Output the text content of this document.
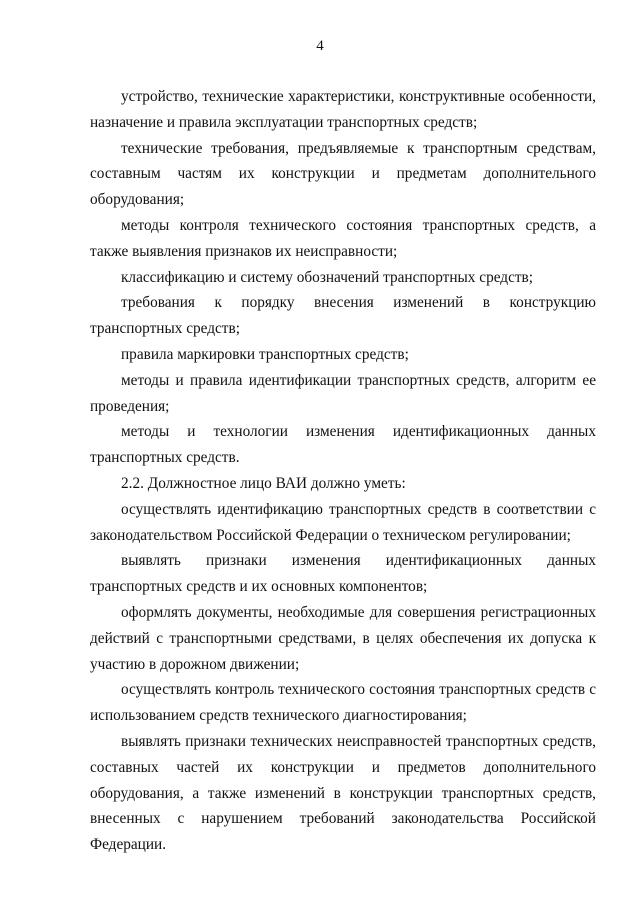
4

устройство, технические характеристики, конструктивные особенности, назначение и правила эксплуатации транспортных средств;

технические требования, предъявляемые к транспортным средствам, составным частям их конструкции и предметам дополнительного оборудования;

методы контроля технического состояния транспортных средств, а также выявления признаков их неисправности;

классификацию и систему обозначений транспортных средств;

требования к порядку внесения изменений в конструкцию транспортных средств;

правила маркировки транспортных средств;

методы и правила идентификации транспортных средств, алгоритм ее проведения;

методы и технологии изменения идентификационных данных транспортных средств.

2.2. Должностное лицо ВАИ должно уметь:

осуществлять идентификацию транспортных средств в соответствии с законодательством Российской Федерации о техническом регулировании;

выявлять признаки изменения идентификационных данных транспортных средств и их основных компонентов;

оформлять документы, необходимые для совершения регистрационных действий с транспортными средствами, в целях обеспечения их допуска к участию в дорожном движении;

осуществлять контроль технического состояния транспортных средств с использованием средств технического диагностирования;

выявлять признаки технических неисправностей транспортных средств, составных частей их конструкции и предметов дополнительного оборудования, а также изменений в конструкции транспортных средств, внесенных с нарушением требований законодательства Российской Федерации.
